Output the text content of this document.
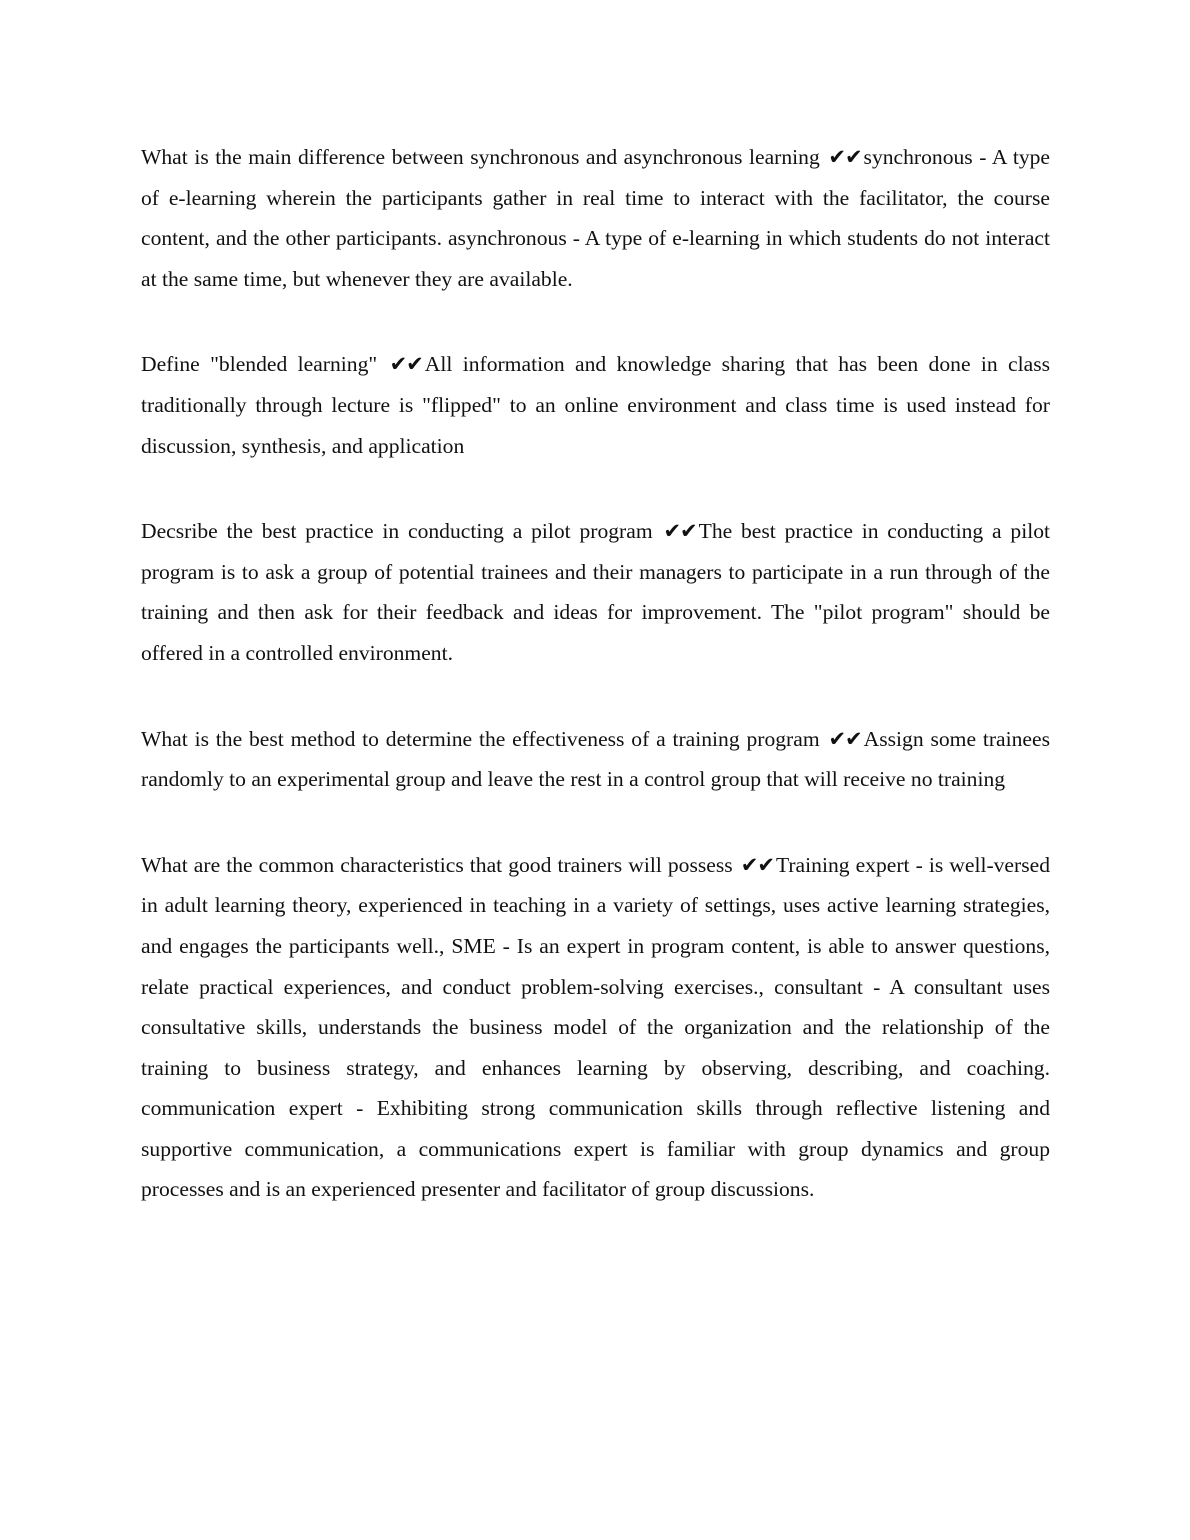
What is the main difference between synchronous and asynchronous learning ✔✔synchronous - A type of e-learning wherein the participants gather in real time to interact with the facilitator, the course content, and the other participants. asynchronous - A type of e-learning in which students do not interact at the same time, but whenever they are available.

Define "blended learning" ✔✔All information and knowledge sharing that has been done in class traditionally through lecture is "flipped" to an online environment and class time is used instead for discussion, synthesis, and application

Decsribe the best practice in conducting a pilot program ✔✔The best practice in conducting a pilot program is to ask a group of potential trainees and their managers to participate in a run through of the training and then ask for their feedback and ideas for improvement. The "pilot program" should be offered in a controlled environment.

What is the best method to determine the effectiveness of a training program ✔✔Assign some trainees randomly to an experimental group and leave the rest in a control group that will receive no training

What are the common characteristics that good trainers will possess ✔✔Training expert - is well-versed in adult learning theory, experienced in teaching in a variety of settings, uses active learning strategies, and engages the participants well., SME - Is an expert in program content, is able to answer questions, relate practical experiences, and conduct problem-solving exercises., consultant - A consultant uses consultative skills, understands the business model of the organization and the relationship of the training to business strategy, and enhances learning by observing, describing, and coaching. communication expert - Exhibiting strong communication skills through reflective listening and supportive communication, a communications expert is familiar with group dynamics and group processes and is an experienced presenter and facilitator of group discussions.
